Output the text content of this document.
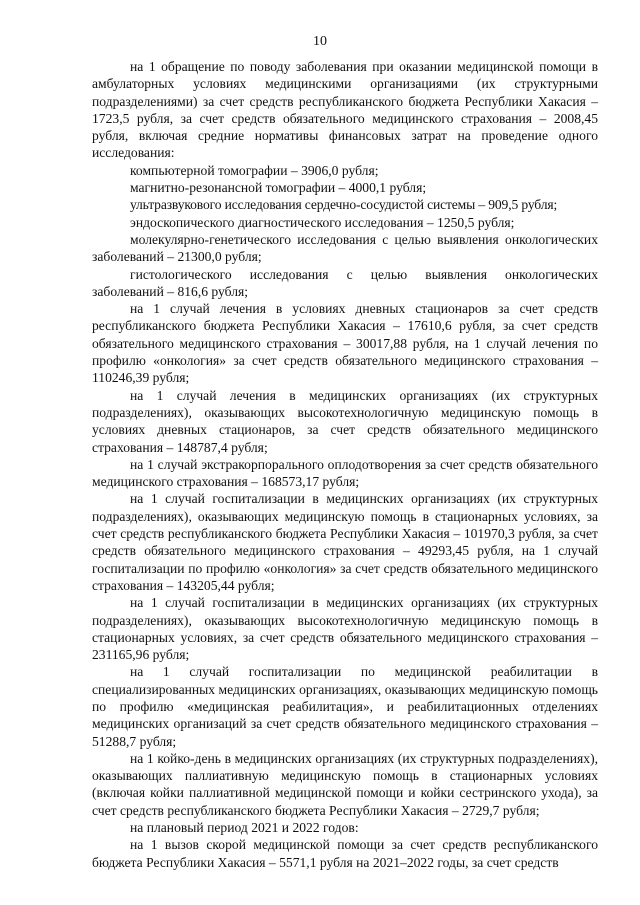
10

на 1 обращение по поводу заболевания при оказании медицинской помощи в амбулаторных условиях медицинскими организациями (их структурными подразделениями) за счет средств республиканского бюджета Республики Хакасия – 1723,5 рубля, за счет средств обязательного медицинского страхования – 2008,45 рубля, включая средние нормативы финансовых затрат на проведение одного исследования:

компьютерной томографии – 3906,0 рубля;

магнитно-резонансной томографии – 4000,1 рубля;

ультразвукового исследования сердечно-сосудистой системы – 909,5 рубля;

эндоскопического диагностического исследования – 1250,5 рубля;

молекулярно-генетического исследования с целью выявления онкологических заболеваний – 21300,0 рубля;

гистологического исследования с целью выявления онкологических заболеваний – 816,6 рубля;

на 1 случай лечения в условиях дневных стационаров за счет средств республиканского бюджета Республики Хакасия – 17610,6 рубля, за счет средств обязательного медицинского страхования – 30017,88 рубля, на 1 случай лечения по профилю «онкология» за счет средств обязательного медицинского страхования – 110246,39 рубля;

на 1 случай лечения в медицинских организациях (их структурных подразделениях), оказывающих высокотехнологичную медицинскую помощь в условиях дневных стационаров, за счет средств обязательного медицинского страхования – 148787,4 рубля;

на 1 случай экстракорпорального оплодотворения за счет средств обязательного медицинского страхования – 168573,17 рубля;

на 1 случай госпитализации в медицинских организациях (их структурных подразделениях), оказывающих медицинскую помощь в стационарных условиях, за счет средств республиканского бюджета Республики Хакасия – 101970,3 рубля, за счет средств обязательного медицинского страхования – 49293,45 рубля, на 1 случай госпитализации по профилю «онкология» за счет средств обязательного медицинского страхования – 143205,44 рубля;

на 1 случай госпитализации в медицинских организациях (их структурных подразделениях), оказывающих высокотехнологичную медицинскую помощь в стационарных условиях, за счет средств обязательного медицинского страхования – 231165,96 рубля;

на 1 случай госпитализации по медицинской реабилитации в специализированных медицинских организациях, оказывающих медицинскую помощь по профилю «медицинская реабилитация», и реабилитационных отделениях медицинских организаций за счет средств обязательного медицинского страхования – 51288,7 рубля;

на 1 койко-день в медицинских организациях (их структурных подразделениях), оказывающих паллиативную медицинскую помощь в стационарных условиях (включая койки паллиативной медицинской помощи и койки сестринского ухода), за счет средств республиканского бюджета Республики Хакасия – 2729,7 рубля;

на плановый период 2021 и 2022 годов:

на 1 вызов скорой медицинской помощи за счет средств республиканского бюджета Республики Хакасия – 5571,1 рубля на 2021–2022 годы, за счет средств
